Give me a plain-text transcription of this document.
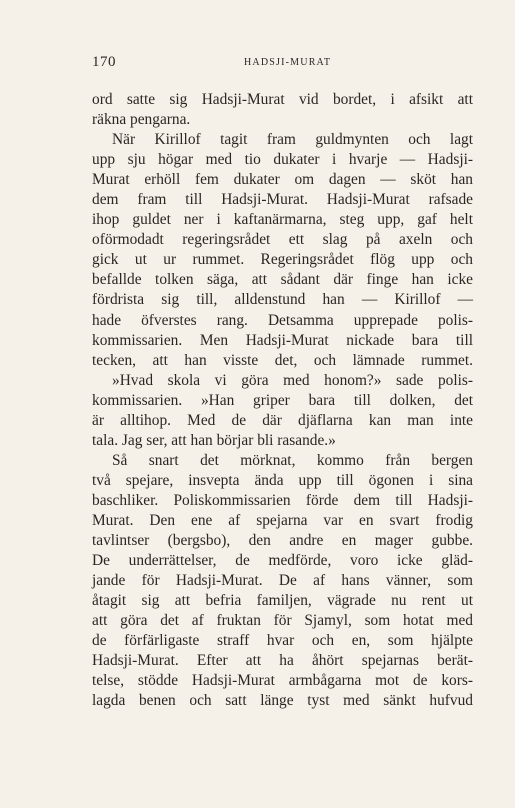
170	HADSJI-MURAT
ord satte sig Hadsji-Murat vid bordet, i afsikt att
räkna pengarna.
När Kirillof tagit fram guldmynten och lagt
upp sju högar med tio dukater i hvarje — Hadsji-
Murat erhöll fem dukater om dagen — sköt han
dem fram till Hadsji-Murat. Hadsji-Murat rafsade
ihop guldet ner i kaftanärmarna, steg upp, gaf helt
oförmodadt regeringsrådet ett slag på axeln och
gick ut ur rummet. Regeringsrådet flög upp och
befallde tolken säga, att sådant där finge han icke
fördrista sig till, alldenstund han — Kirillof —
hade öfverstes rang. Detsamma upprepade polis-
kommissarien. Men Hadsji-Murat nickade bara till
tecken, att han visste det, och lämnade rummet.
»Hvad skola vi göra med honom?» sade polis-
kommissarien. »Han griper bara till dolken, det
är alltihop. Med de där djäflarna kan man inte
tala. Jag ser, att han börjar bli rasande.»
Så snart det mörknat, kommo från bergen
två spejare, insvepta ända upp till ögonen i sina
baschliker. Poliskommissarien förde dem till Hadsji-
Murat. Den ene af spejarna var en svart frodig
tavlintser (bergsbo), den andre en mager gubbe.
De underrättelser, de medförde, voro icke gläd-
jande för Hadsji-Murat. De af hans vänner, som
åtagit sig att befria familjen, vägrade nu rent ut
att göra det af fruktan för Sjamyl, som hotat med
de förfärligaste straff hvar och en, som hjälpte
Hadsji-Murat. Efter att ha åhört spejarnas berät-
telse, stödde Hadsji-Murat armbågarna mot de kors-
lagda benen och satt länge tyst med sänkt hufvud
